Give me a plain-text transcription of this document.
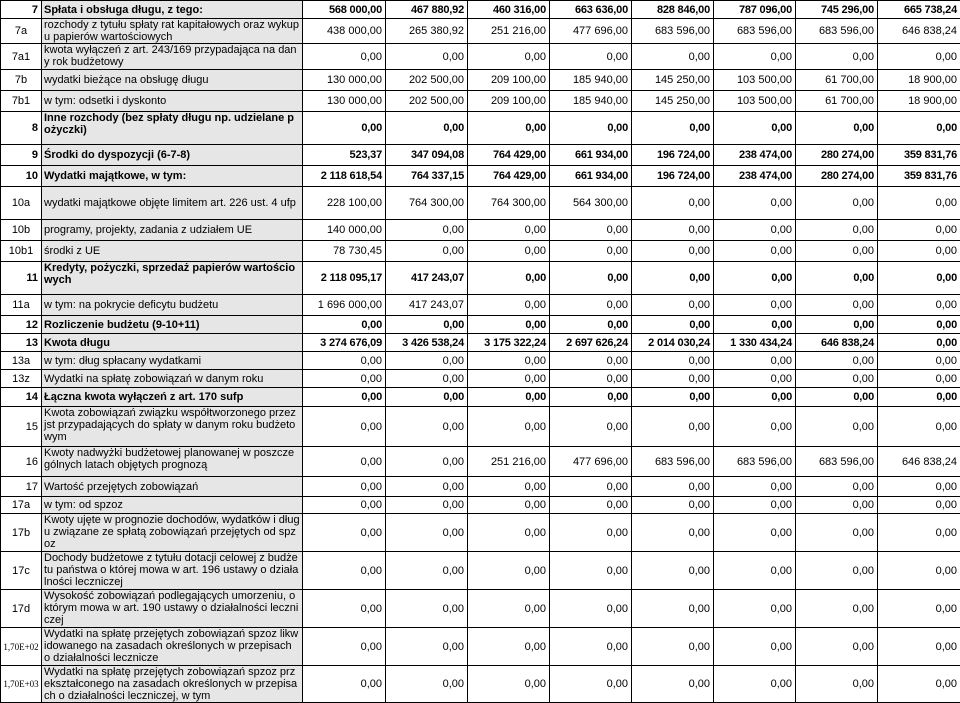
7	Spłata i obsługa długu, z tego:	568 000,00	467 880,92	460 316,00	663 636,00	828 846,00	787 096,00	745 296,00	665 738,24
7a	rozchody z tytułu spłaty rat kapitałowych oraz wykupu papierów wartościowych	438 000,00	265 380,92	251 216,00	477 696,00	683 596,00	683 596,00	683 596,00	646 838,24
7a1	kwota wyłączeń z art. 243/169 przypadająca na dany rok budżetowy	0,00	0,00	0,00	0,00	0,00	0,00	0,00	0,00
7b	wydatki bieżące na obsługę długu	130 000,00	202 500,00	209 100,00	185 940,00	145 250,00	103 500,00	61 700,00	18 900,00
7b1	w tym: odsetki i dyskonto	130 000,00	202 500,00	209 100,00	185 940,00	145 250,00	103 500,00	61 700,00	18 900,00
8	Inne rozchody (bez spłaty długu np. udzielane pożyczki)	0,00	0,00	0,00	0,00	0,00	0,00	0,00	0,00
9	Środki do dyspozycji (6-7-8)	523,37	347 094,08	764 429,00	661 934,00	196 724,00	238 474,00	280 274,00	359 831,76
10	Wydatki majątkowe, w tym:	2 118 618,54	764 337,15	764 429,00	661 934,00	196 724,00	238 474,00	280 274,00	359 831,76
10a	wydatki majątkowe objęte limitem art. 226 ust. 4 ufp	228 100,00	764 300,00	764 300,00	564 300,00	0,00	0,00	0,00	0,00
10b	programy, projekty, zadania z udziałem UE	140 000,00	0,00	0,00	0,00	0,00	0,00	0,00	0,00
10b1	środki z UE	78 730,45	0,00	0,00	0,00	0,00	0,00	0,00	0,00
11	Kredyty, pożyczki, sprzedaż papierów wartościowych	2 118 095,17	417 243,07	0,00	0,00	0,00	0,00	0,00	0,00
11a	w tym: na pokrycie deficytu budżetu	1 696 000,00	417 243,07	0,00	0,00	0,00	0,00	0,00	0,00
12	Rozliczenie budżetu (9-10+11)	0,00	0,00	0,00	0,00	0,00	0,00	0,00	0,00
13	Kwota długu	3 274 676,09	3 426 538,24	3 175 322,24	2 697 626,24	2 014 030,24	1 330 434,24	646 838,24	0,00
13a	w tym: dług spłacany wydatkami	0,00	0,00	0,00	0,00	0,00	0,00	0,00	0,00
13z	Wydatki na spłatę zobowiązań w danym roku	0,00	0,00	0,00	0,00	0,00	0,00	0,00	0,00
14	Łączna kwota wyłączeń z art. 170 sufp	0,00	0,00	0,00	0,00	0,00	0,00	0,00	0,00
15	Kwota zobowiązań związku współtworzonego przez jst przypadających do spłaty w danym roku budżetowym	0,00	0,00	0,00	0,00	0,00	0,00	0,00	0,00
16	Kwoty nadwyżki budżetowej planowanej w poszczególnych latach objętych prognozą	0,00	0,00	251 216,00	477 696,00	683 596,00	683 596,00	683 596,00	646 838,24
17	Wartość przejętych zobowiązań	0,00	0,00	0,00	0,00	0,00	0,00	0,00	0,00
17a	w tym: od spzoz	0,00	0,00	0,00	0,00	0,00	0,00	0,00	0,00
17b	Kwoty ujęte w prognozie dochodów, wydatków i długu związane ze spłatą zobowiązań przejętych od spzoz	0,00	0,00	0,00	0,00	0,00	0,00	0,00	0,00
17c	Dochody budżetowe z tytułu dotacji celowej z budżetu państwa o której mowa w art. 196 ustawy o działalności leczniczej	0,00	0,00	0,00	0,00	0,00	0,00	0,00	0,00
17d	Wysokość zobowiązań podlegających umorzeniu, o którym mowa w art. 190 ustawy o działalności leczniczej	0,00	0,00	0,00	0,00	0,00	0,00	0,00	0,00
1,70E+02	Wydatki na spłatę przejętych zobowiązań spzoz likwidowanego na zasadach określonych w przepisach o działalności lecznicze	0,00	0,00	0,00	0,00	0,00	0,00	0,00	0,00
1,70E+03	Wydatki na spłatę przejętych zobowiązań spzoz przekształconego na zasadach określonych w przepisach o działalności leczniczej, w tym	0,00	0,00	0,00	0,00	0,00	0,00	0,00	0,00
